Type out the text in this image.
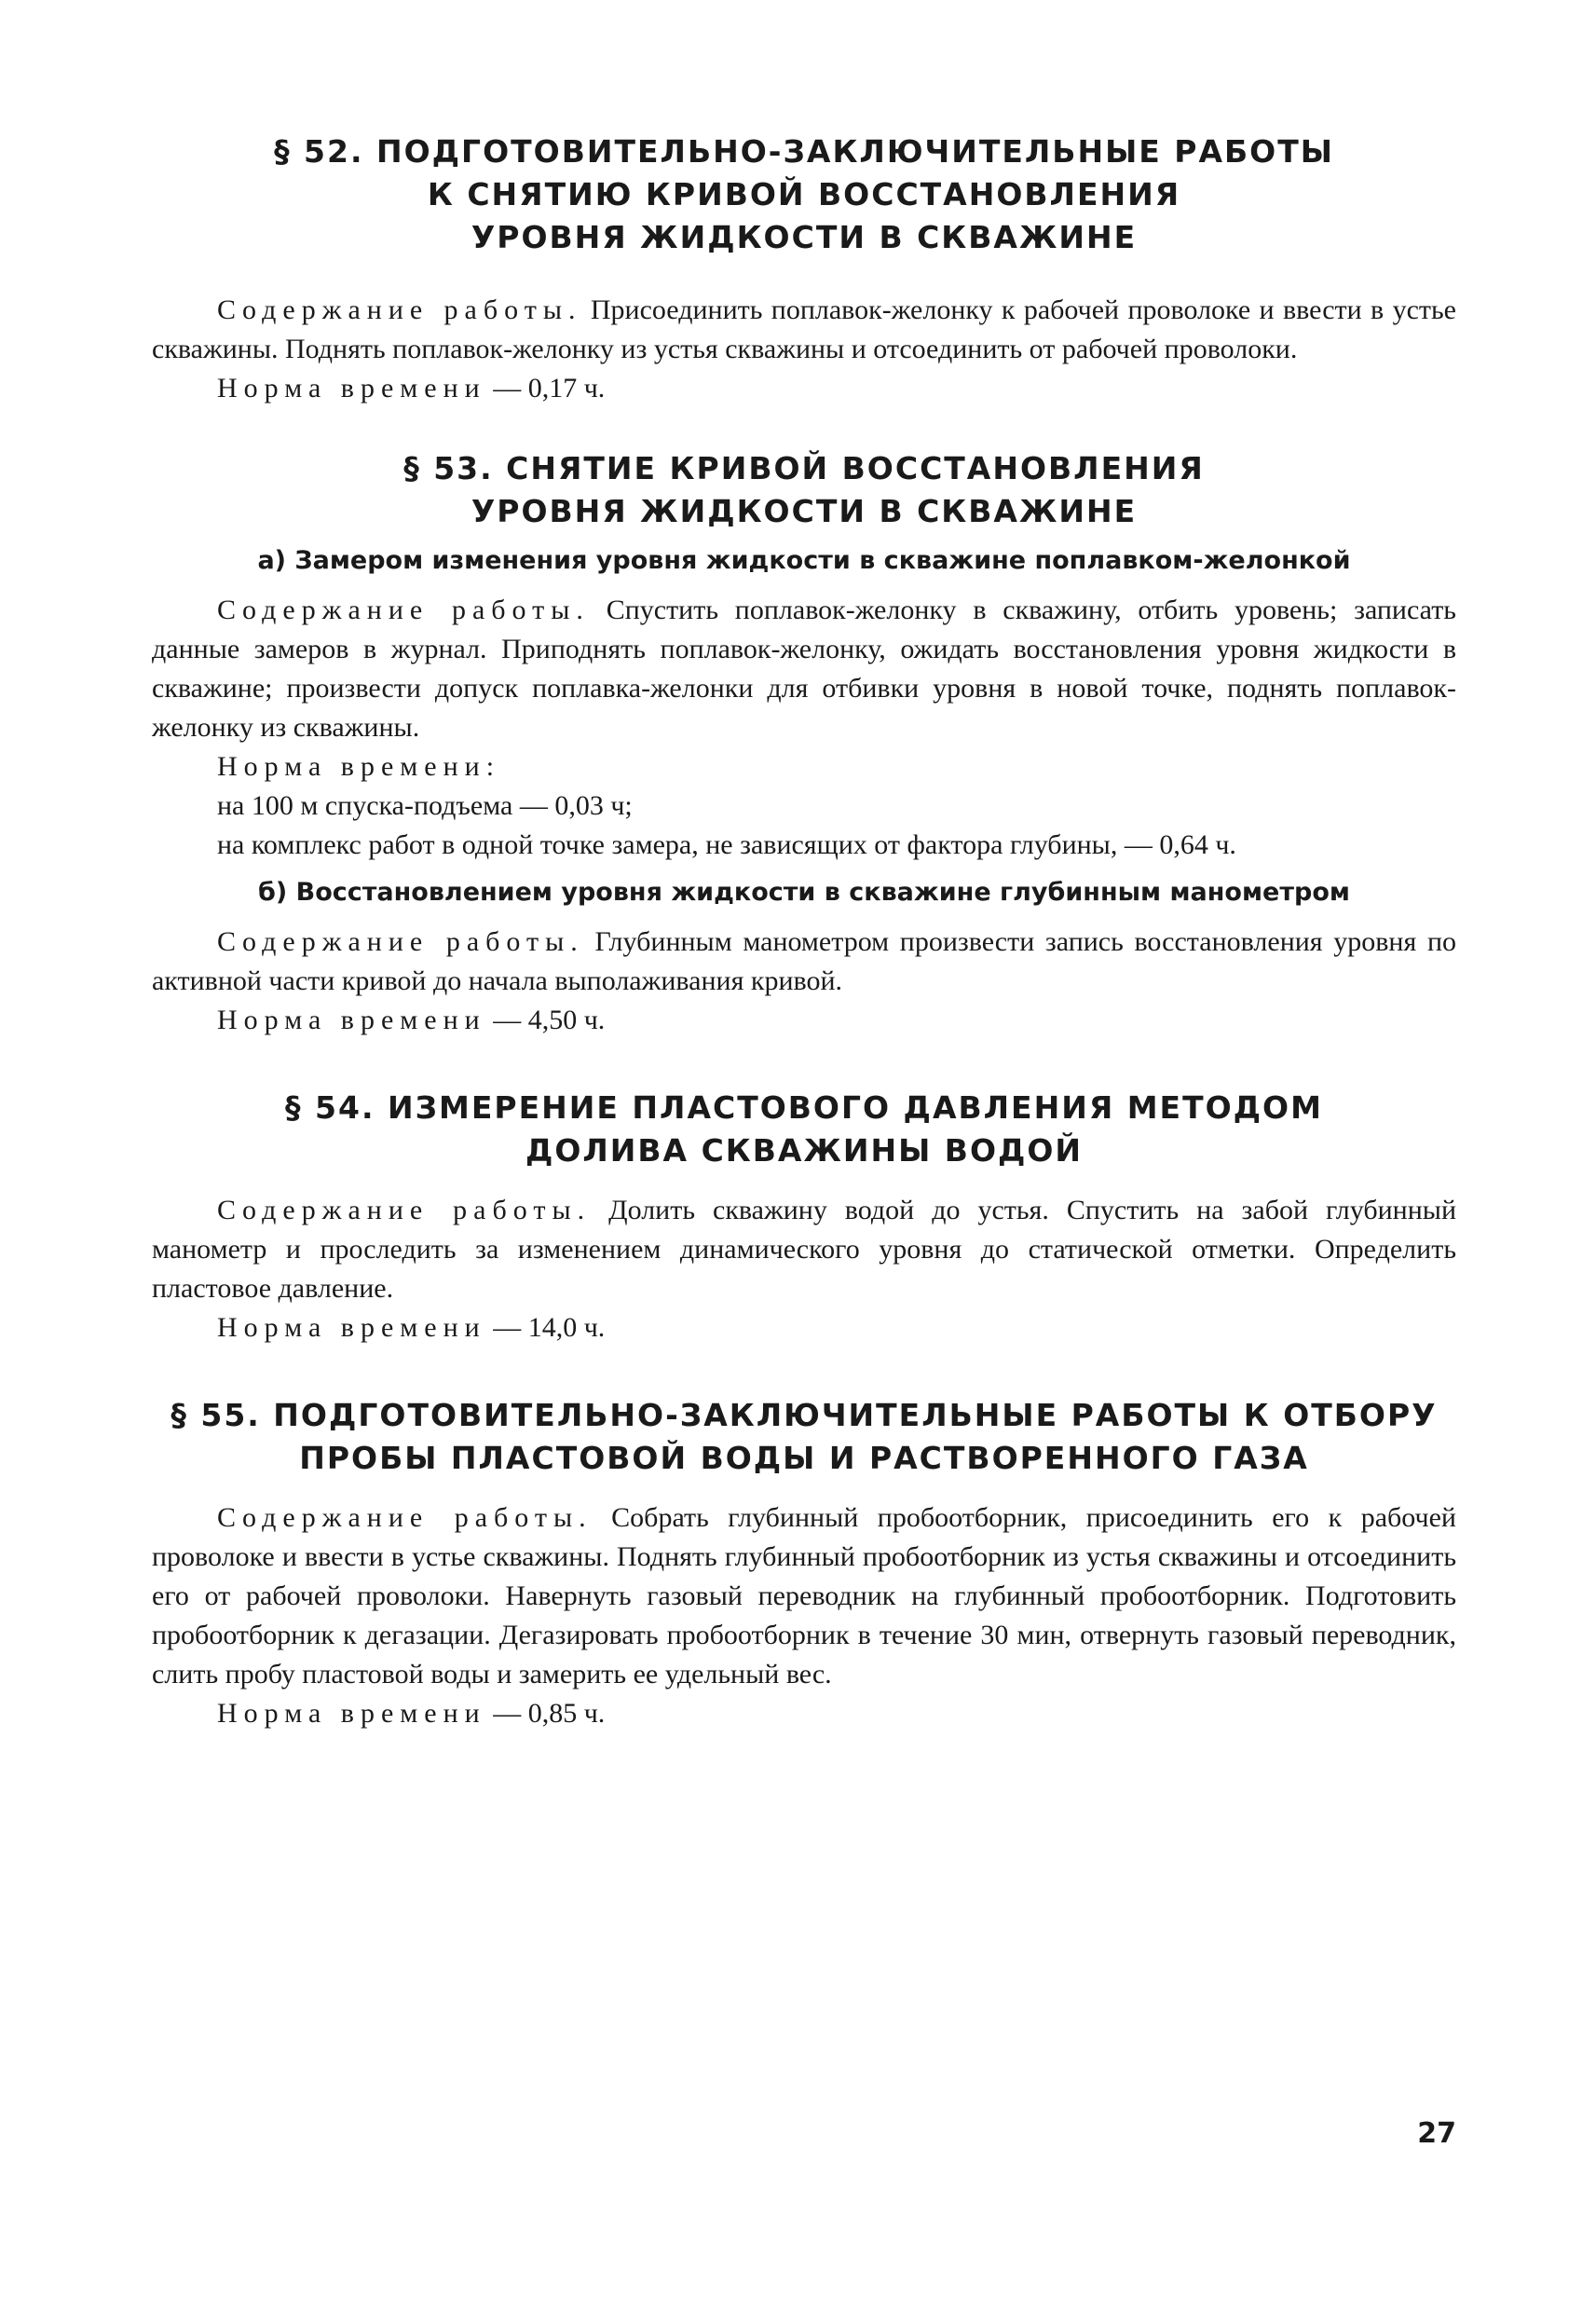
§ 52. ПОДГОТОВИТЕЛЬНО-ЗАКЛЮЧИТЕЛЬНЫЕ РАБОТЫ
К СНЯТИЮ КРИВОЙ ВОССТАНОВЛЕНИЯ
УРОВНЯ ЖИДКОСТИ В СКВАЖИНЕ

Содержание работы. Присоединить поплавок-желонку к рабочей проволоке и ввести в устье скважины. Поднять поплавок-желонку из устья скважины и отсоединить от рабочей проволоки.

Норма времени — 0,17 ч.

§ 53. СНЯТИЕ КРИВОЙ ВОССТАНОВЛЕНИЯ
УРОВНЯ ЖИДКОСТИ В СКВАЖИНЕ
а) Замером изменения уровня жидкости в скважине поплавком-желонкой

Содержание работы. Спустить поплавок-желонку в скважину, отбить уровень; записать данные замеров в журнал. Приподнять поплавок-желонку, ожидать восстановления уровня жидкости в скважине; произвести допуск поплавка-желонки для отбивки уровня в новой точке, поднять поплавок-желонку из скважины.

Норма времени:

на 100 м спуска-подъема — 0,03 ч;

на комплекс работ в одной точке замера, не зависящих от фактора глубины, — 0,64 ч.

б) Восстановлением уровня жидкости в скважине глубинным манометром

Содержание работы. Глубинным манометром произвести запись восстановления уровня по активной части кривой до начала выполаживания кривой.

Норма времени — 4,50 ч.

§ 54. ИЗМЕРЕНИЕ ПЛАСТОВОГО ДАВЛЕНИЯ МЕТОДОМ
ДОЛИВА СКВАЖИНЫ ВОДОЙ

Содержание работы. Долить скважину водой до устья. Спустить на забой глубинный манометр и проследить за изменением динамического уровня до статической отметки. Определить пластовое давление.

Норма времени — 14,0 ч.

§ 55. ПОДГОТОВИТЕЛЬНО-ЗАКЛЮЧИТЕЛЬНЫЕ РАБОТЫ К ОТБОРУ
ПРОБЫ ПЛАСТОВОЙ ВОДЫ И РАСТВОРЕННОГО ГАЗА

Содержание работы. Собрать глубинный пробоотборник, присоединить его к рабочей проволоке и ввести в устье скважины. Поднять глубинный пробоотборник из устья скважины и отсоединить его от рабочей проволоки. Навернуть газовый переводник на глубинный пробоотборник. Подготовить пробоотборник к дегазации. Дегазировать пробоотборник в течение 30 мин, отвернуть газовый переводник, слить пробу пластовой воды и замерить ее удельный вес.

Норма времени — 0,85 ч.

27
